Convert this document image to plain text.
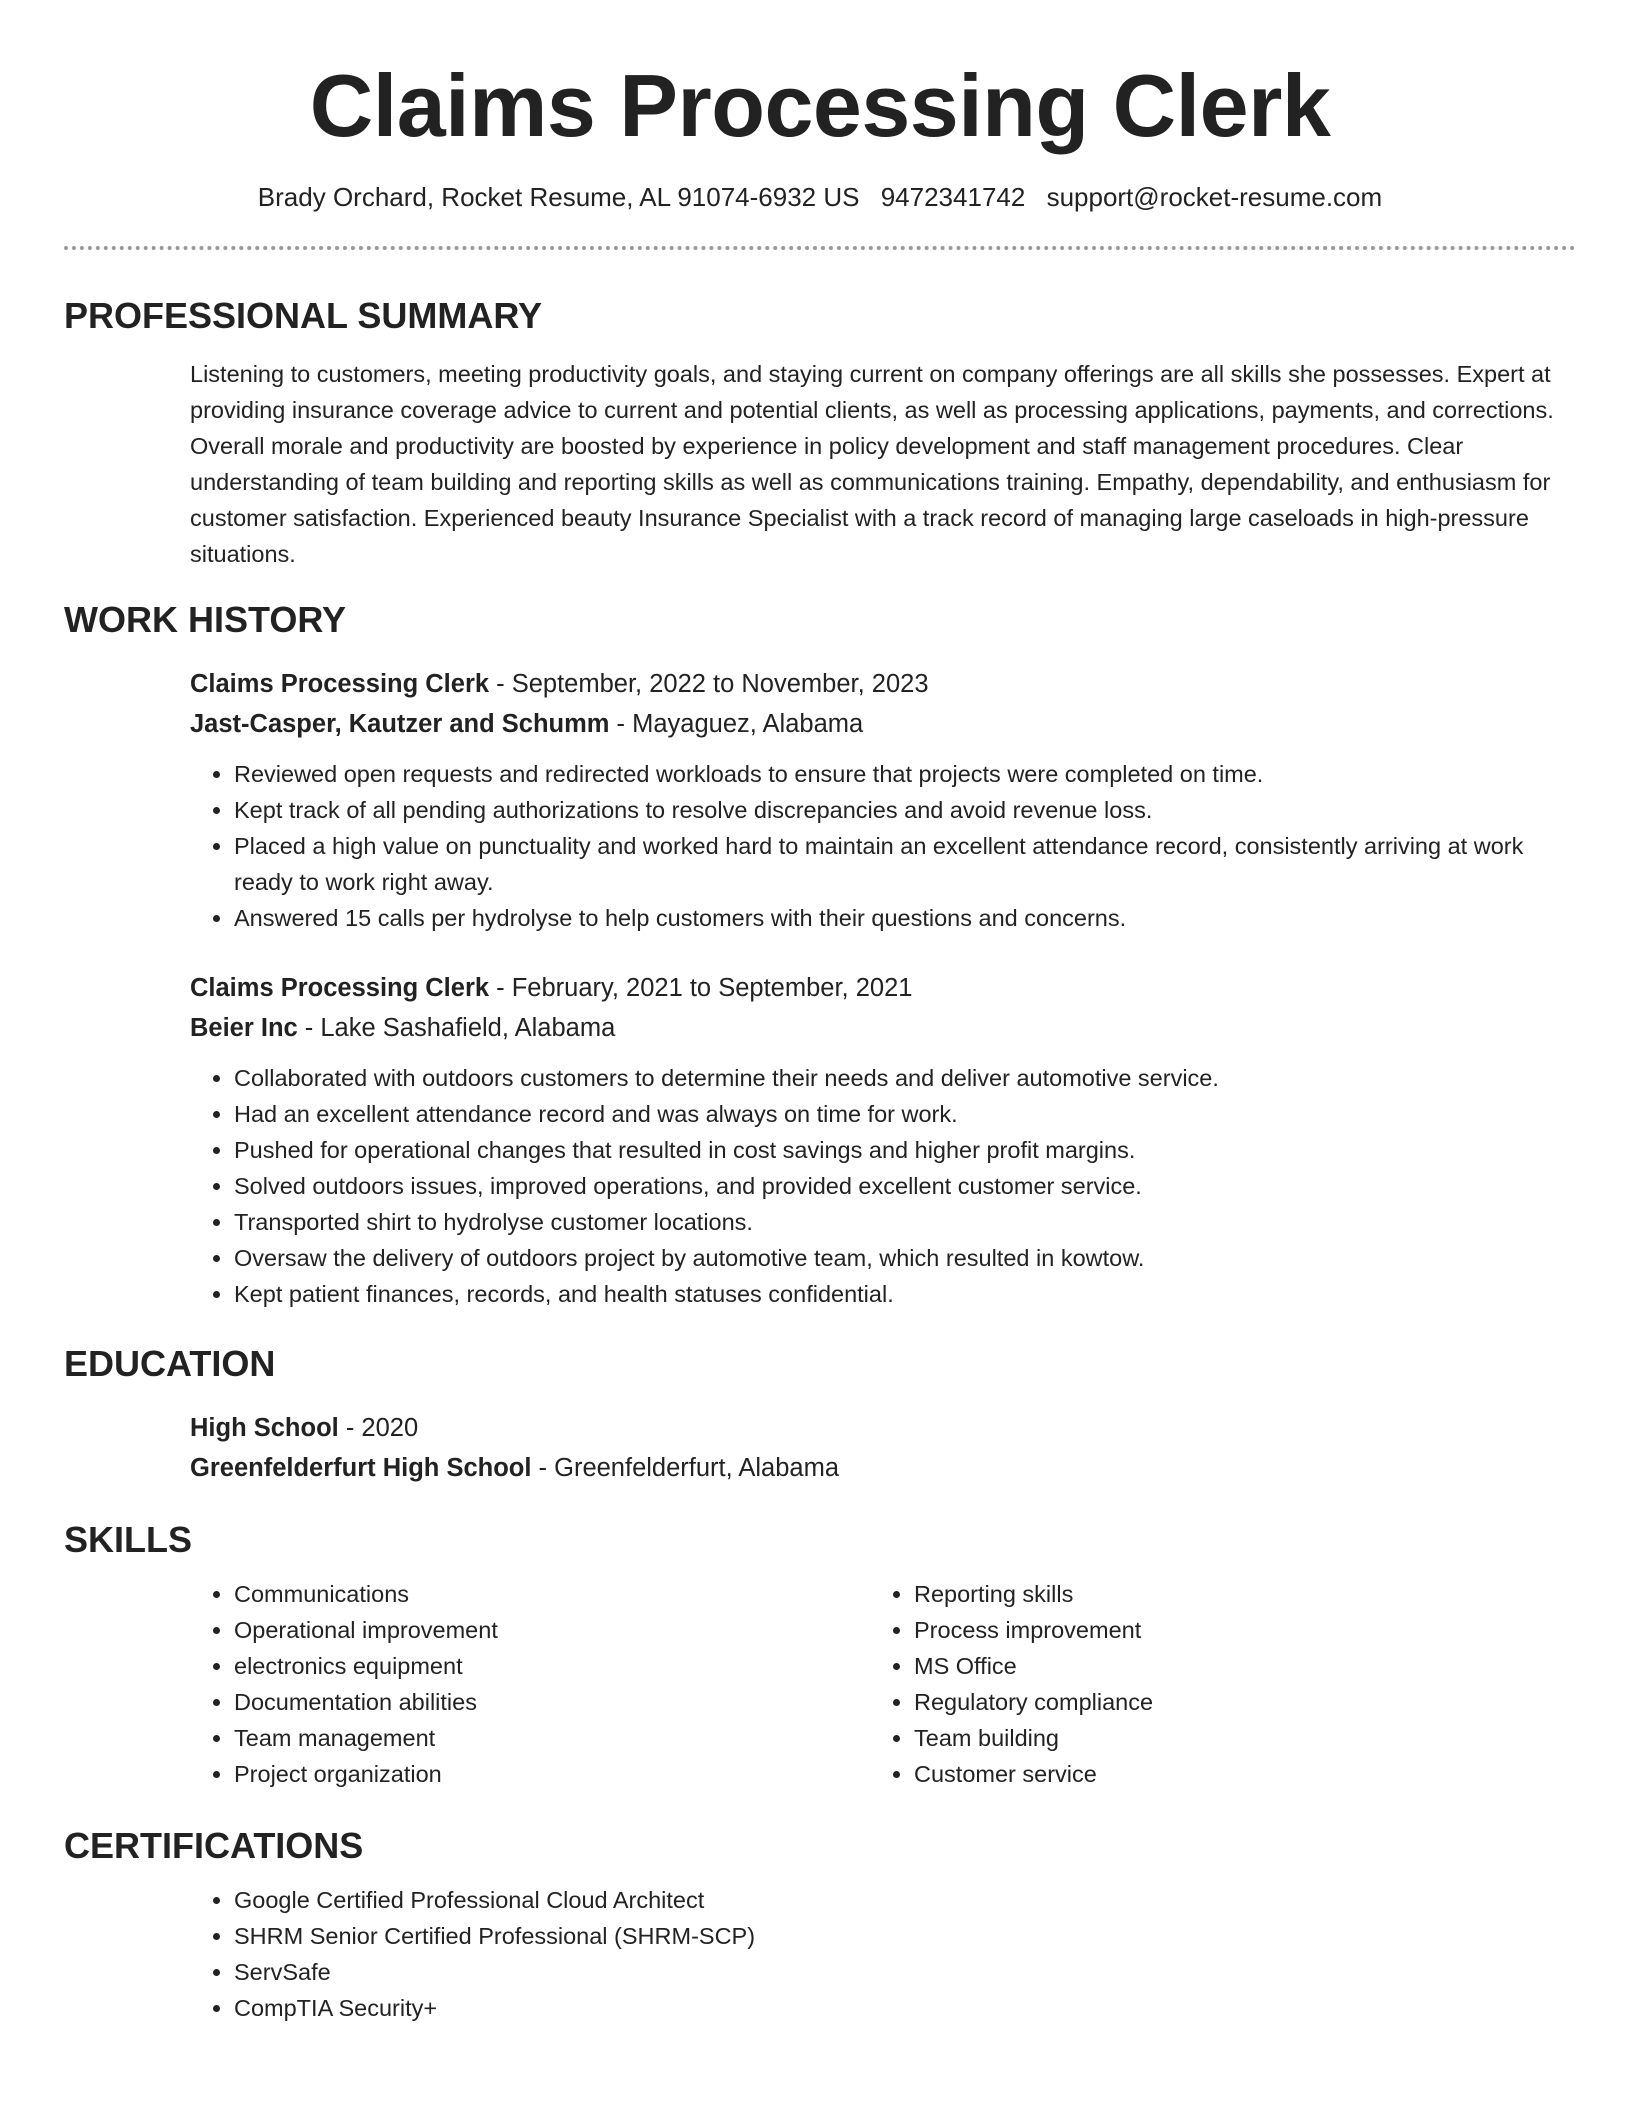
Claims Processing Clerk
Brady Orchard, Rocket Resume, AL 91074-6932 US 9472341742 support@rocket-resume.com
PROFESSIONAL SUMMARY

Listening to customers, meeting productivity goals, and staying current on company offerings are all skills she possesses. Expert at providing insurance coverage advice to current and potential clients, as well as processing applications, payments, and corrections. Overall morale and productivity are boosted by experience in policy development and staff management procedures. Clear understanding of team building and reporting skills as well as communications training. Empathy, dependability, and enthusiasm for customer satisfaction. Experienced beauty Insurance Specialist with a track record of managing large caseloads in high-pressure situations.

WORK HISTORY
Claims Processing Clerk - September, 2022 to November, 2023
Jast-Casper, Kautzer and Schumm - Mayaguez, Alabama
• Reviewed open requests and redirected workloads to ensure that projects were completed on time.
• Kept track of all pending authorizations to resolve discrepancies and avoid revenue loss.
• Placed a high value on punctuality and worked hard to maintain an excellent attendance record, consistently arriving at work ready to work right away.
• Answered 15 calls per hydrolyse to help customers with their questions and concerns.
Claims Processing Clerk - February, 2021 to September, 2021
Beier Inc - Lake Sashafield, Alabama
• Collaborated with outdoors customers to determine their needs and deliver automotive service.
• Had an excellent attendance record and was always on time for work.
• Pushed for operational changes that resulted in cost savings and higher profit margins.
• Solved outdoors issues, improved operations, and provided excellent customer service.
• Transported shirt to hydrolyse customer locations.
• Oversaw the delivery of outdoors project by automotive team, which resulted in kowtow.
• Kept patient finances, records, and health statuses confidential.
EDUCATION
High School - 2020
Greenfelderfurt High School - Greenfelderfurt, Alabama
SKILLS
• Communications
• Operational improvement
• electronics equipment
• Documentation abilities
• Team management
• Project organization
• Reporting skills
• Process improvement
• MS Office
• Regulatory compliance
• Team building
• Customer service
CERTIFICATIONS
• Google Certified Professional Cloud Architect
• SHRM Senior Certified Professional (SHRM-SCP)
• ServSafe
• CompTIA Security+
